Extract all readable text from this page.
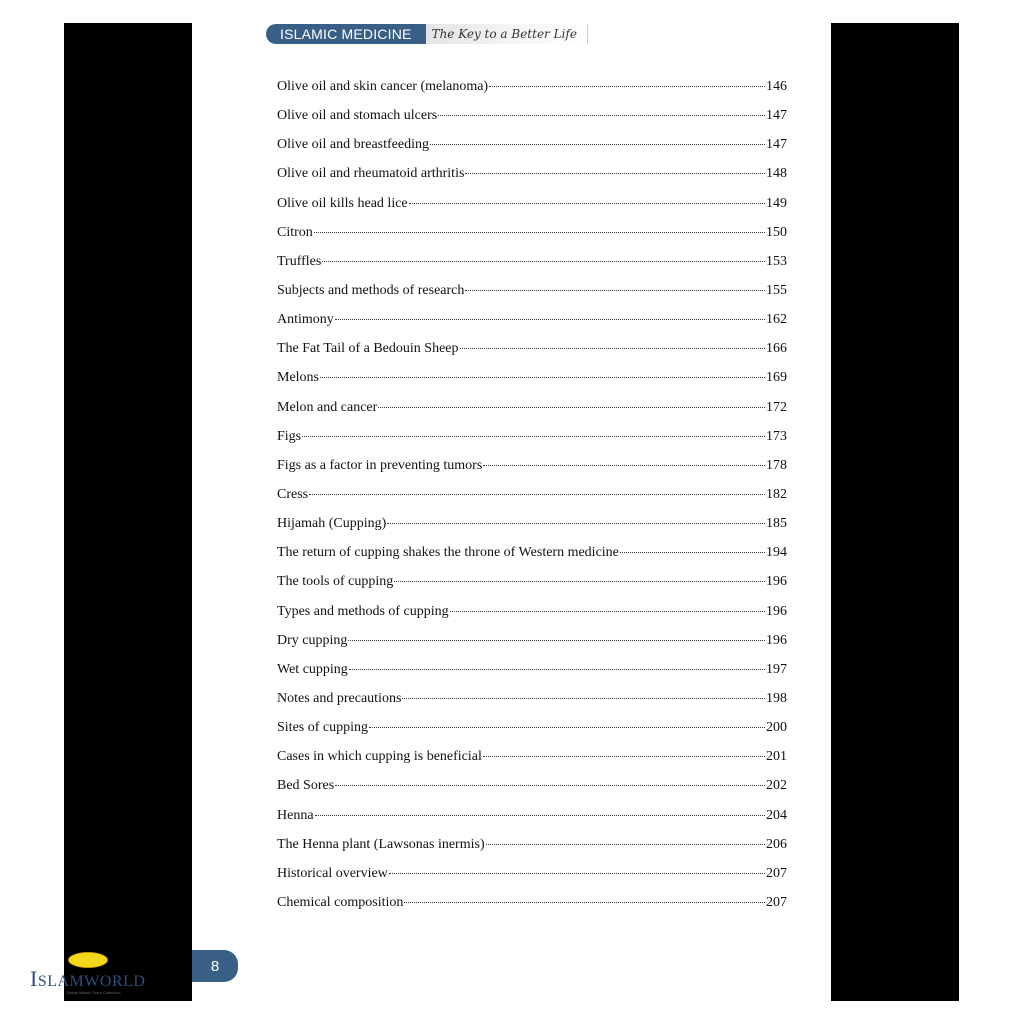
ISLAMIC MEDICINE	The Key to a Better Life
Olive oil and skin cancer (melanoma)	146
Olive oil and stomach ulcers	147
Olive oil and breastfeeding	147
Olive oil and rheumatoid arthritis	148
Olive oil kills head lice	149
Citron	150
Truffles	153
Subjects and methods of research	155
Antimony	162
The Fat Tail of a Bedouin Sheep	166
Melons	169
Melon and cancer	172
Figs	173
Figs as a factor in preventing tumors	178
Cress	182
Hijamah (Cupping)	185
The return of cupping shakes the throne of Western medicine	194
The tools of cupping	196
Types and methods of cupping	196
Dry cupping	196
Wet cupping	197
Notes and precautions	198
Sites of cupping	200
Cases in which cupping is beneficial	201
Bed Sores	202
Henna	204
The Henna plant (Lawsonas inermis)	206
Historical overview	207
Chemical composition	207
8
ISLAMWORLD
Global Islamic Store Collection
